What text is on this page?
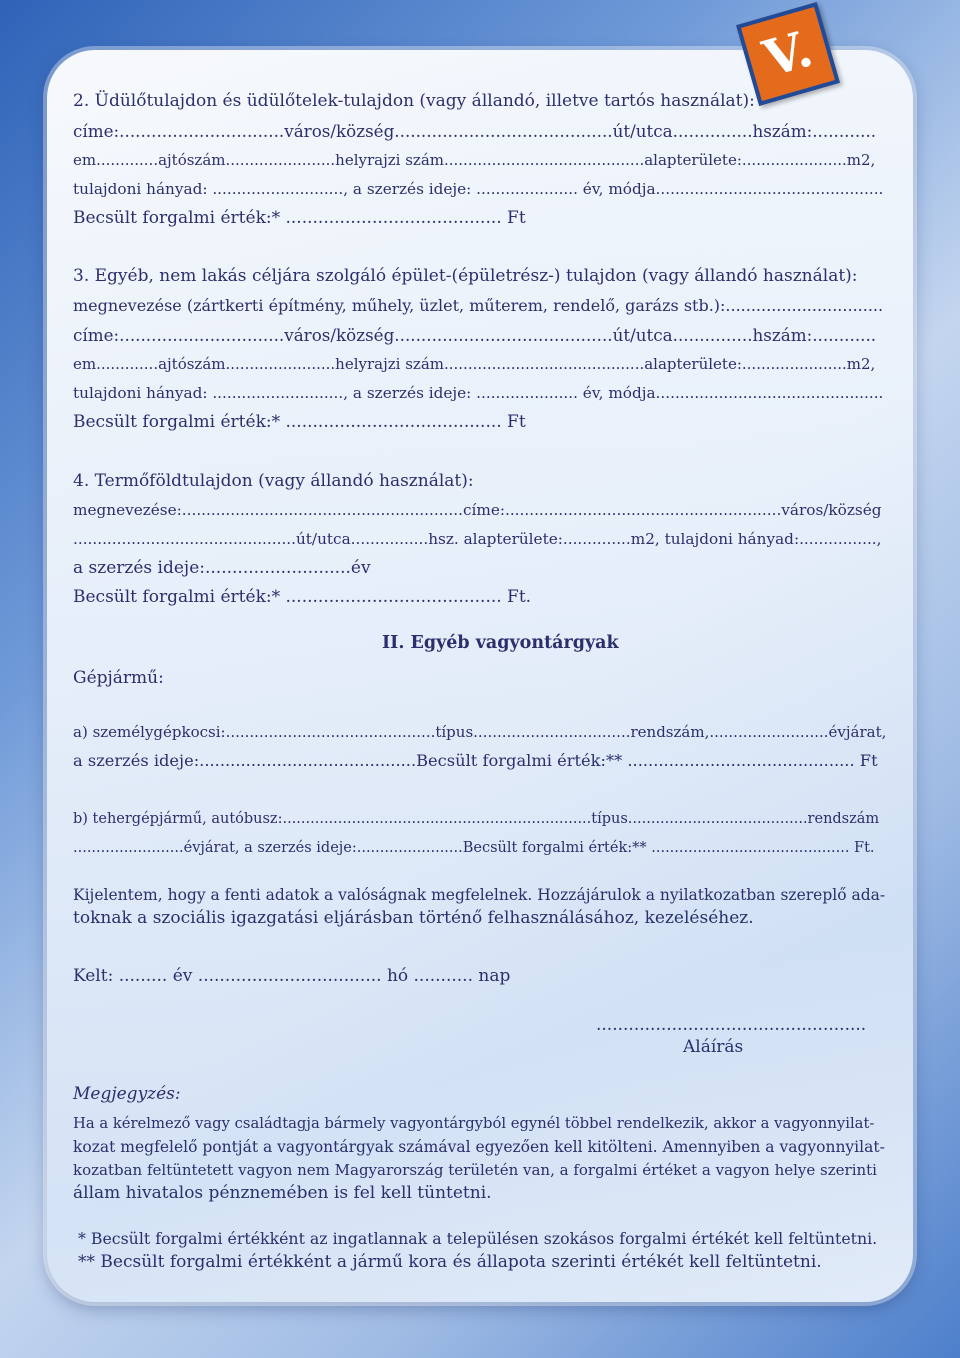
V.
2. Üdülőtulajdon és üdülőtelek-tulajdon (vagy állandó, illetve tartós használat):
címe:...............................város/község.........................................út/utca...............hszám:............
em.............ajtószám.......................helyrajzi szám..........................................alapterülete:......................m2,
tulajdoni hányad: ..........................., a szerzés ideje: ..................... év, módja...............................................
Becsült forgalmi érték:* ........................................ Ft
3. Egyéb, nem lakás céljára szolgáló épület-(épületrész-) tulajdon (vagy állandó használat):
megnevezése (zártkerti építmény, műhely, üzlet, műterem, rendelő, garázs stb.):...............................
címe:...............................város/község.........................................út/utca...............hszám:............
em.............ajtószám.......................helyrajzi szám..........................................alapterülete:......................m2,
tulajdoni hányad: ..........................., a szerzés ideje: ..................... év, módja...............................................
Becsült forgalmi érték:* ........................................ Ft
4. Termőföldtulajdon (vagy állandó használat):
megnevezése:..........................................................címe:.........................................................város/község
..............................................út/utca................hsz. alapterülete:..............m2, tulajdoni hányad:................,
a szerzés ideje:...........................év
Becsült forgalmi érték:* ........................................ Ft.
II. Egyéb vagyontárgyak
Gépjármű:
a) személygépkocsi:............................................típus.................................rendszám,.........................évjárat,
a szerzés ideje:..........................................Becsült forgalmi érték:** ............................................ Ft
b) tehergépjármű, autóbusz:...................................................................típus.......................................rendszám
........................évjárat, a szerzés ideje:.......................Becsült forgalmi érték:** ........................................... Ft.
Kijelentem, hogy a fenti adatok a valóságnak megfelelnek. Hozzájárulok a nyilatkozatban szereplő ada-
toknak a szociális igazgatási eljárásban történő felhasználásához, kezeléséhez.
Kelt: ......... év .................................. hó ........... nap
..................................................
Aláírás
Megjegyzés:
Ha a kérelmező vagy családtagja bármely vagyontárgyból egynél többel rendelkezik, akkor a vagyonnyilat-
kozat megfelelő pontját a vagyontárgyak számával egyezően kell kitölteni. Amennyiben a vagyonnyilat-
kozatban feltüntetett vagyon nem Magyarország területén van, a forgalmi értéket a vagyon helye szerinti
állam hivatalos pénznemében is fel kell tüntetni.
* Becsült forgalmi értékként az ingatlannak a településen szokásos forgalmi értékét kell feltüntetni.
** Becsült forgalmi értékként a jármű kora és állapota szerinti értékét kell feltüntetni.
